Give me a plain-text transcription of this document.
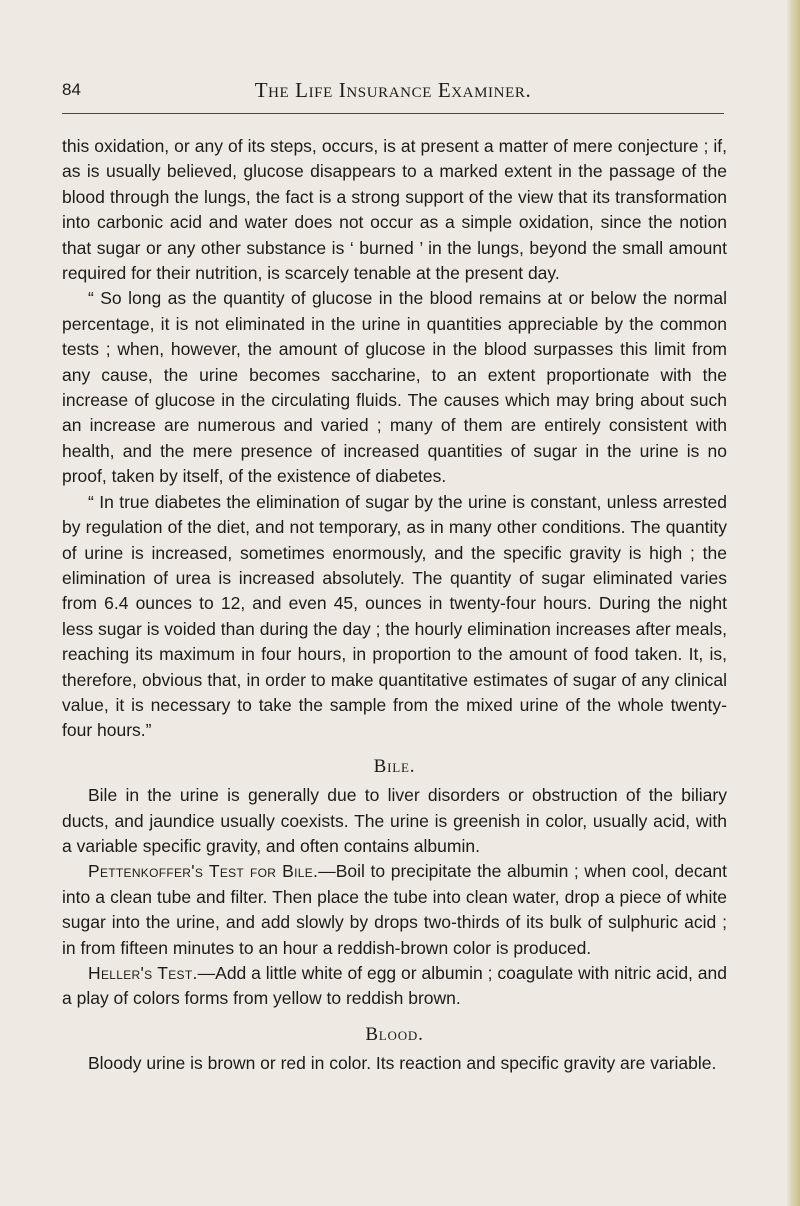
84	The Life Insurance Examiner.

this oxidation, or any of its steps, occurs, is at present a matter of mere conjecture ; if, as is usually believed, glucose disappears to a marked extent in the passage of the blood through the lungs, the fact is a strong support of the view that its transformation into carbonic acid and water does not occur as a simple oxidation, since the notion that sugar or any other substance is ‘ burned ’ in the lungs, beyond the small amount required for their nutrition, is scarcely tenable at the present day.

“ So long as the quantity of glucose in the blood remains at or below the normal percentage, it is not eliminated in the urine in quantities appreciable by the common tests ; when, however, the amount of glucose in the blood surpasses this limit from any cause, the urine becomes saccharine, to an extent proportionate with the increase of glucose in the circulating fluids. The causes which may bring about such an increase are numerous and varied ; many of them are entirely consistent with health, and the mere presence of increased quantities of sugar in the urine is no proof, taken by itself, of the existence of diabetes.

“ In true diabetes the elimination of sugar by the urine is constant, unless arrested by regulation of the diet, and not temporary, as in many other conditions. The quantity of urine is increased, sometimes enormously, and the specific gravity is high ; the elimination of urea is increased absolutely. The quantity of sugar eliminated varies from 6.4 ounces to 12, and even 45, ounces in twenty-four hours. During the night less sugar is voided than during the day ; the hourly elimination increases after meals, reaching its maximum in four hours, in proportion to the amount of food taken. It, is, therefore, obvious that, in order to make quantitative estimates of sugar of any clinical value, it is necessary to take the sample from the mixed urine of the whole twenty-four hours.”

Bile.

Bile in the urine is generally due to liver disorders or obstruction of the biliary ducts, and jaundice usually coexists. The urine is greenish in color, usually acid, with a variable specific gravity, and often contains albumin.

Pettenkoffer's Test for Bile.—Boil to precipitate the albumin ; when cool, decant into a clean tube and filter. Then place the tube into clean water, drop a piece of white sugar into the urine, and add slowly by drops two-thirds of its bulk of sulphuric acid ; in from fifteen minutes to an hour a reddish-brown color is produced.

Heller's Test.—Add a little white of egg or albumin ; coagulate with nitric acid, and a play of colors forms from yellow to reddish brown.

Blood.

Bloody urine is brown or red in color. Its reaction and specific gravity are variable.
